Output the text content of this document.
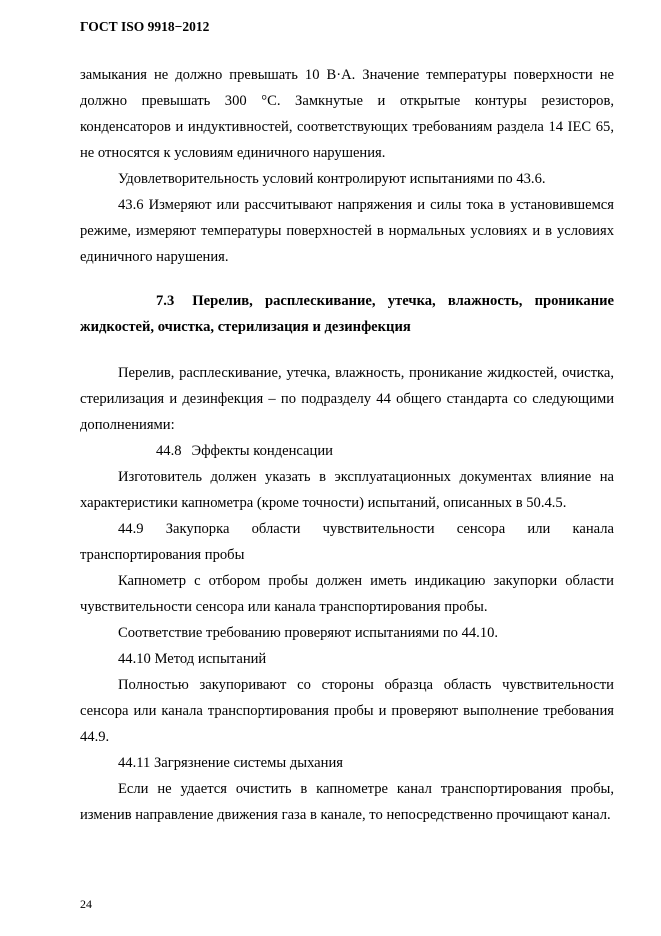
ГОСТ ISO 9918−2012

замыкания не должно превышать 10 В·А. Значение температуры поверхности не должно превышать 300 °С. Замкнутые и открытые контуры резисторов, конденсаторов и индуктивностей, соответствующих требованиям раздела 14 IEC 65, не относятся к условиям единичного нарушения.

Удовлетворительность условий контролируют испытаниями по 43.6.

43.6 Измеряют или рассчитывают напряжения и силы тока в установившемся режиме, измеряют температуры поверхностей в нормальных условиях и в условиях единичного нарушения.

7.3 Перелив, расплескивание, утечка, влажность, проникание жидкостей, очистка, стерилизация и дезинфекция

Перелив, расплескивание, утечка, влажность, проникание жидкостей, очистка, стерилизация и дезинфекция – по подразделу 44 общего стандарта со следующими дополнениями:

44.8 Эффекты конденсации

Изготовитель должен указать в эксплуатационных документах влияние на характеристики капнометра (кроме точности) испытаний, описанных в 50.4.5.

44.9 Закупорка области чувствительности сенсора или канала транспортирования пробы

Капнометр с отбором пробы должен иметь индикацию закупорки области чувствительности сенсора или канала транспортирования пробы.

Соответствие требованию проверяют испытаниями по 44.10.

44.10 Метод испытаний

Полностью закупоривают со стороны образца область чувствительности сенсора или канала транспортирования пробы и проверяют выполнение требования 44.9.

44.11 Загрязнение системы дыхания

Если не удается очистить в капнометре канал транспортирования пробы, изменив направление движения газа в канале, то непосредственно прочищают канал.

24
